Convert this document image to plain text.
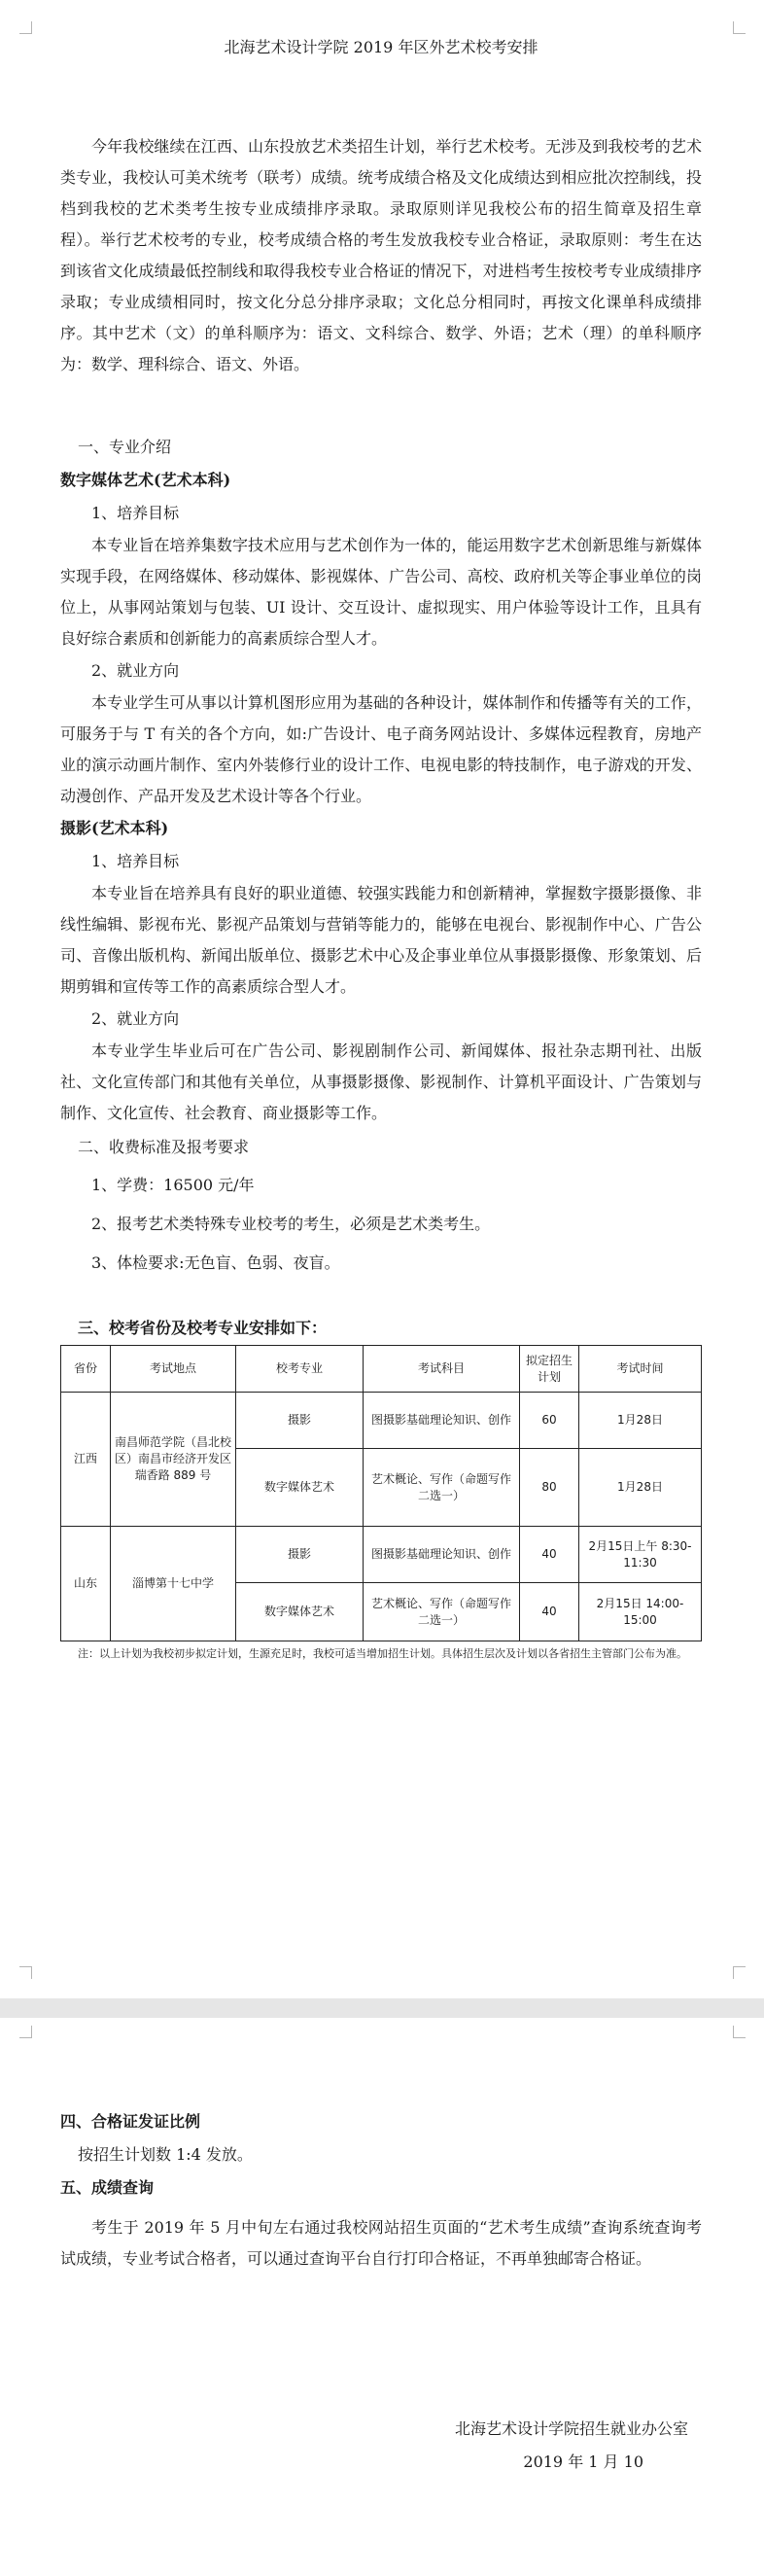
北海艺术设计学院 2019 年区外艺术校考安排

今年我校继续在江西、山东投放艺术类招生计划，举行艺术校考。无涉及到我校考的艺术类专业，我校认可美术统考（联考）成绩。统考成绩合格及文化成绩达到相应批次控制线，投档到我校的艺术类考生按专业成绩排序录取。录取原则详见我校公布的招生简章及招生章程）。举行艺术校考的专业，校考成绩合格的考生发放我校专业合格证，录取原则：考生在达到该省文化成绩最低控制线和取得我校专业合格证的情况下，对进档考生按校考专业成绩排序录取；专业成绩相同时，按文化分总分排序录取；文化总分相同时，再按文化课单科成绩排序。其中艺术（文）的单科顺序为：语文、文科综合、数学、外语；艺术（理）的单科顺序为：数学、理科综合、语文、外语。

一、专业介绍

数字媒体艺术(艺术本科)

1、培养目标

本专业旨在培养集数字技术应用与艺术创作为一体的，能运用数字艺术创新思维与新媒体实现手段，在网络媒体、移动媒体、影视媒体、广告公司、高校、政府机关等企事业单位的岗位上，从事网站策划与包装、UI 设计、交互设计、虚拟现实、用户体验等设计工作，且具有良好综合素质和创新能力的高素质综合型人才。

2、就业方向

本专业学生可从事以计算机图形应用为基础的各种设计，媒体制作和传播等有关的工作，可服务于与 T 有关的各个方向，如:广告设计、电子商务网站设计、多媒体远程教育，房地产业的演示动画片制作、室内外装修行业的设计工作、电视电影的特技制作，电子游戏的开发、动漫创作、产品开发及艺术设计等各个行业。

摄影(艺术本科)

1、培养目标

本专业旨在培养具有良好的职业道德、较强实践能力和创新精神，掌握数字摄影摄像、非线性编辑、影视布光、影视产品策划与营销等能力的，能够在电视台、影视制作中心、广告公司、音像出版机构、新闻出版单位、摄影艺术中心及企事业单位从事摄影摄像、形象策划、后期剪辑和宣传等工作的高素质综合型人才。

2、就业方向

本专业学生毕业后可在广告公司、影视剧制作公司、新闻媒体、报社杂志期刊社、出版社、文化宣传部门和其他有关单位，从事摄影摄像、影视制作、计算机平面设计、广告策划与制作、文化宣传、社会教育、商业摄影等工作。

二、收费标准及报考要求

1、学费：16500 元/年

2、报考艺术类特殊专业校考的考生，必须是艺术类考生。

3、体检要求:无色盲、色弱、夜盲。

三、校考省份及校考专业安排如下：

省份	考试地点	校考专业	考试科目	拟定招生计划	考试时间
江西	南昌师范学院（昌北校区）南昌市经济开发区瑞香路 889 号	摄影	图摄影基础理论知识、创作	60	1月28日
		数字媒体艺术	艺术概论、写作（命题写作二选一）	80	1月28日
山东	淄博第十七中学	摄影	图摄影基础理论知识、创作	40	2月15日上午 8:30-11:30
		数字媒体艺术	艺术概论、写作（命题写作二选一）	40	2月15日 14:00-15:00

注：以上计划为我校初步拟定计划，生源充足时，我校可适当增加招生计划。具体招生层次及计划以各省招生主管部门公布为准。

四、合格证发证比例

按招生计划数 1:4 发放。

五、成绩查询

考生于 2019 年 5 月中旬左右通过我校网站招生页面的“艺术考生成绩”查询系统查询考试成绩，专业考试合格者，可以通过查询平台自行打印合格证，不再单独邮寄合格证。

北海艺术设计学院招生就业办公室

2019 年 1 月 10
